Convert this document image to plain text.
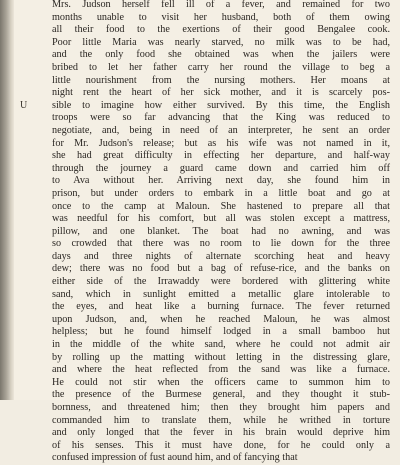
U
Mrs. Judson herself fell ill of a fever, and remained for two
months unable to visit her husband, both of them owing
all their food to the exertions of their good Bengalee cook.
Poor little Maria was nearly starved, no milk was to be had,
and the only food she obtained was when the jailers were
bribed to let her father carry her round the village to beg a
little nourishment from the nursing mothers. Her moans at
night rent the heart of her sick mother, and it is scarcely pos-
sible to imagine how either survived. By this time, the English
troops were so far advancing that the King was reduced to
negotiate, and, being in need of an interpreter, he sent an order
for Mr. Judson's release; but as his wife was not named in it,
she had great difficulty in effecting her departure, and half-way
through the journey a guard came down and carried him off
to Ava without her. Arriving next day, she found him in
prison, but under orders to embark in a little boat and go at
once to the camp at Maloun. She hastened to prepare all that
was needful for his comfort, but all was stolen except a mattress,
pillow, and one blanket. The boat had no awning, and was
so crowded that there was no room to lie down for the three
days and three nights of alternate scorching heat and heavy
dew; there was no food but a bag of refuse-rice, and the banks on
either side of the Irrawaddy were bordered with glittering white
sand, which in sunlight emitted a metallic glare intolerable to
the eyes, and heat like a burning furnace. The fever returned
upon Judson, and, when he reached Maloun, he was almost
helpless; but he found himself lodged in a small bamboo hut
in the middle of the white sand, where he could not admit air
by rolling up the matting without letting in the distressing glare,
and where the heat reflected from the sand was like a furnace.
He could not stir when the officers came to summon him to
the presence of the Burmese general, and they thought it stub-
bornness, and threatened him; then they brought him papers and
commanded him to translate them, while he writhed in torture
and only longed that the fever in his brain would deprive him
of his senses. This it must have done, for he could only a
confused impression of fust aound him, and of fancying that
